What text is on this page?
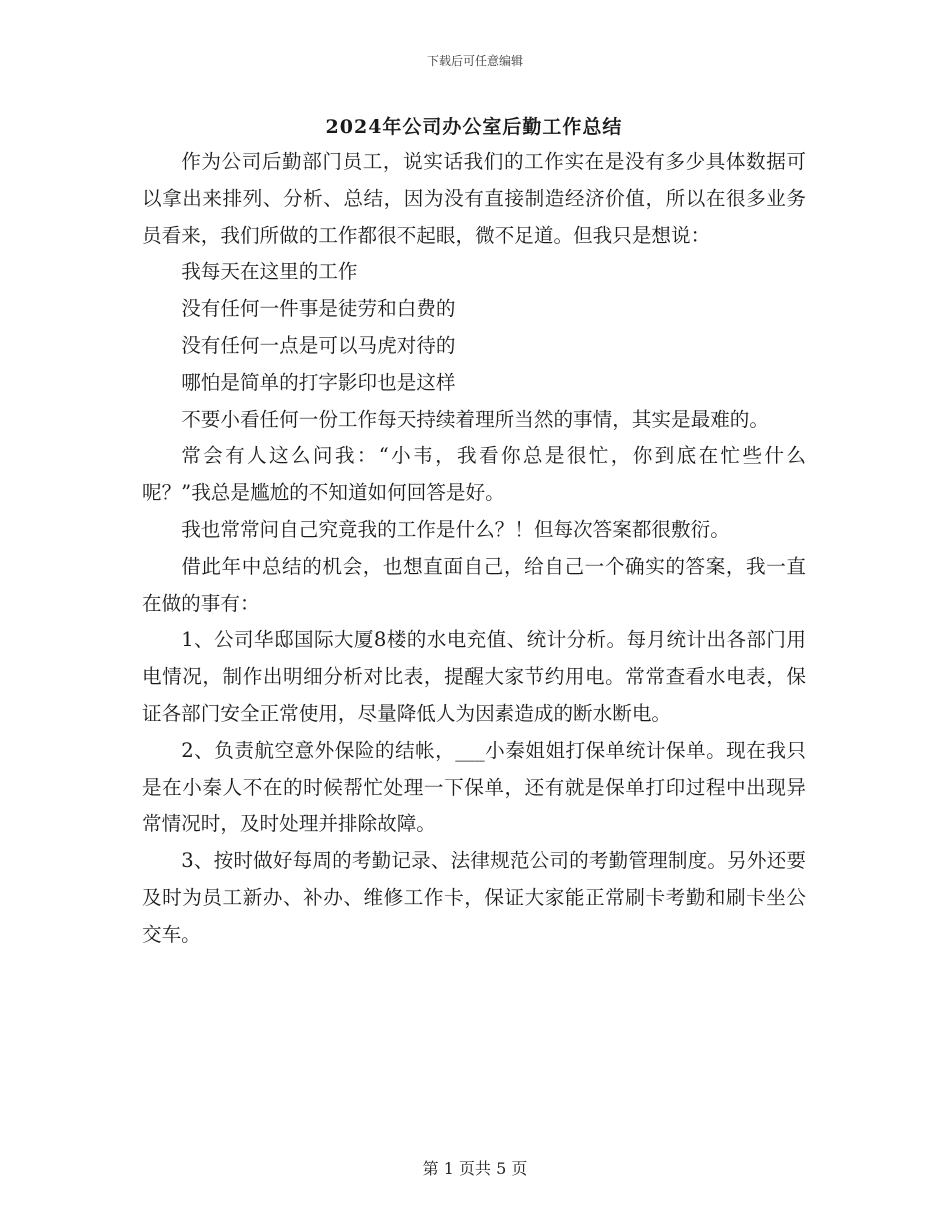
下载后可任意编辑
2024年公司办公室后勤工作总结

作为公司后勤部门员工，说实话我们的工作实在是没有多少具体数据可以拿出来排列、分析、总结，因为没有直接制造经济价值，所以在很多业务员看来，我们所做的工作都很不起眼，微不足道。但我只是想说：

我每天在这里的工作

没有任何一件事是徒劳和白费的

没有任何一点是可以马虎对待的

哪怕是简单的打字影印也是这样

不要小看任何一份工作每天持续着理所当然的事情，其实是最难的。

常会有人这么问我：“小韦，我看你总是很忙，你到底在忙些什么呢？”我总是尴尬的不知道如何回答是好。

我也常常问自己究竟我的工作是什么？！但每次答案都很敷衍。

借此年中总结的机会，也想直面自己，给自己一个确实的答案，我一直在做的事有：

1、公司华邸国际大厦8楼的水电充值、统计分析。每月统计出各部门用电情况，制作出明细分析对比表，提醒大家节约用电。常常查看水电表，保证各部门安全正常使用，尽量降低人为因素造成的断水断电。

2、负责航空意外保险的结帐，___小秦姐姐打保单统计保单。现在我只是在小秦人不在的时候帮忙处理一下保单，还有就是保单打印过程中出现异常情况时，及时处理并排除故障。

3、按时做好每周的考勤记录、法律规范公司的考勤管理制度。另外还要及时为员工新办、补办、维修工作卡，保证大家能正常刷卡考勤和刷卡坐公交车。

第 1 页共 5 页
